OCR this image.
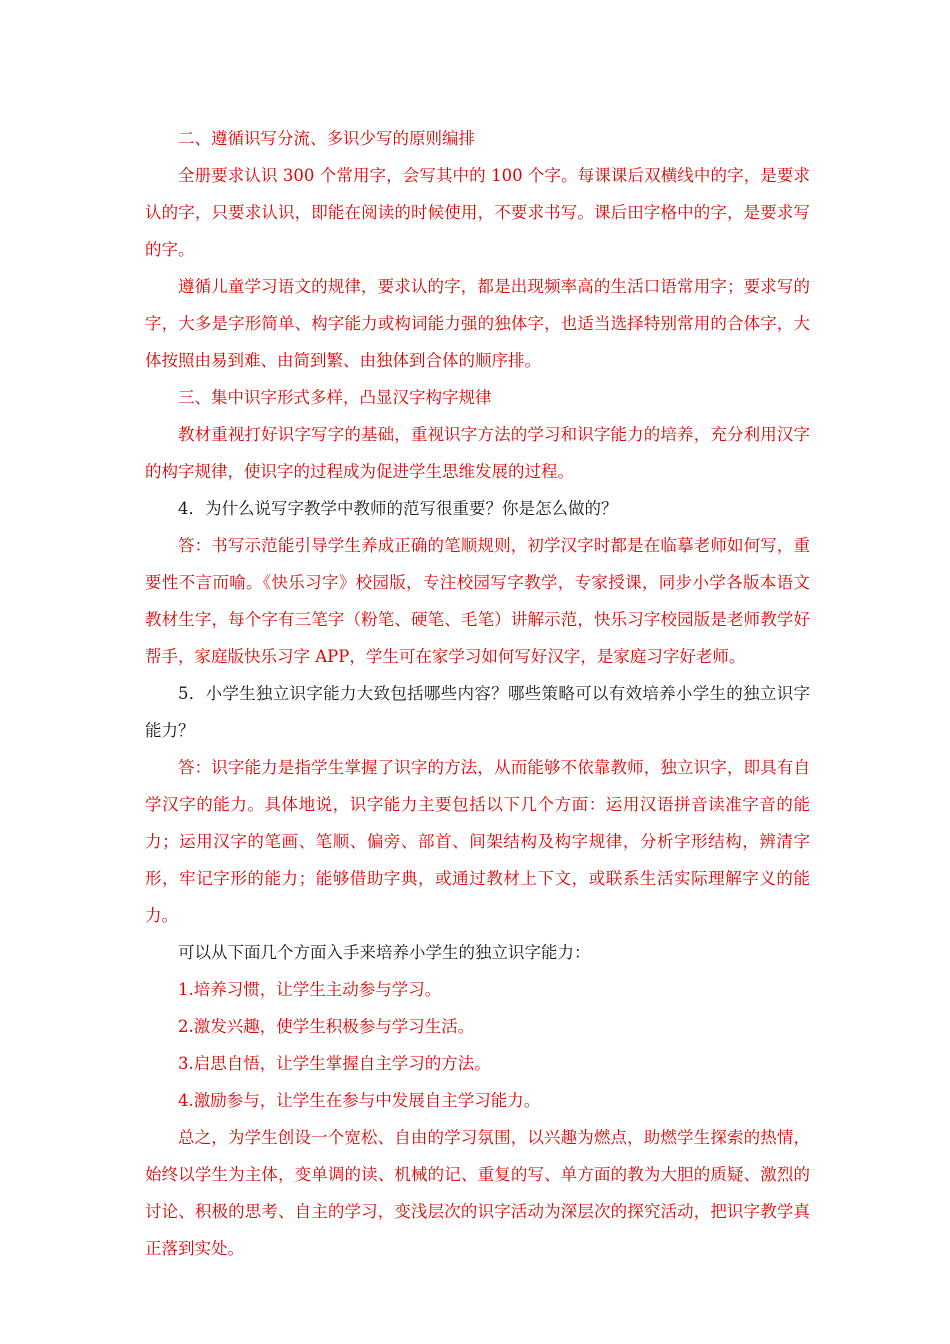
二、遵循识写分流、多识少写的原则编排

全册要求认识 300 个常用字，会写其中的 100 个字。每课课后双横线中的字，是要求认的字，只要求认识，即能在阅读的时候使用，不要求书写。课后田字格中的字，是要求写的字。

遵循儿童学习语文的规律，要求认的字，都是出现频率高的生活口语常用字；要求写的字，大多是字形简单、构字能力或构词能力强的独体字，也适当选择特别常用的合体字，大体按照由易到难、由简到繁、由独体到合体的顺序排。

三、集中识字形式多样，凸显汉字构字规律

教材重视打好识字写字的基础，重视识字方法的学习和识字能力的培养，充分利用汉字的构字规律，使识字的过程成为促进学生思维发展的过程。

4．为什么说写字教学中教师的范写很重要？你是怎么做的？

答：书写示范能引导学生养成正确的笔顺规则，初学汉字时都是在临摹老师如何写，重要性不言而喻。《快乐习字》校园版，专注校园写字教学，专家授课，同步小学各版本语文教材生字，每个字有三笔字（粉笔、硬笔、毛笔）讲解示范，快乐习字校园版是老师教学好帮手，家庭版快乐习字 APP，学生可在家学习如何写好汉字，是家庭习字好老师。

5．小学生独立识字能力大致包括哪些内容？哪些策略可以有效培养小学生的独立识字能力？

答：识字能力是指学生掌握了识字的方法，从而能够不依靠教师，独立识字，即具有自学汉字的能力。具体地说，识字能力主要包括以下几个方面：运用汉语拼音读准字音的能力；运用汉字的笔画、笔顺、偏旁、部首、间架结构及构字规律，分析字形结构，辨清字形，牢记字形的能力；能够借助字典，或通过教材上下文，或联系生活实际理解字义的能力。

可以从下面几个方面入手来培养小学生的独立识字能力：

1.培养习惯，让学生主动参与学习。

2.激发兴趣，使学生积极参与学习生活。

3.启思自悟，让学生掌握自主学习的方法。

4.激励参与，让学生在参与中发展自主学习能力。

总之，为学生创设一个宽松、自由的学习氛围，以兴趣为燃点，助燃学生探索的热情，始终以学生为主体，变单调的读、机械的记、重复的写、单方面的教为大胆的质疑、激烈的讨论、积极的思考、自主的学习，变浅层次的识字活动为深层次的探究活动，把识字教学真正落到实处。
